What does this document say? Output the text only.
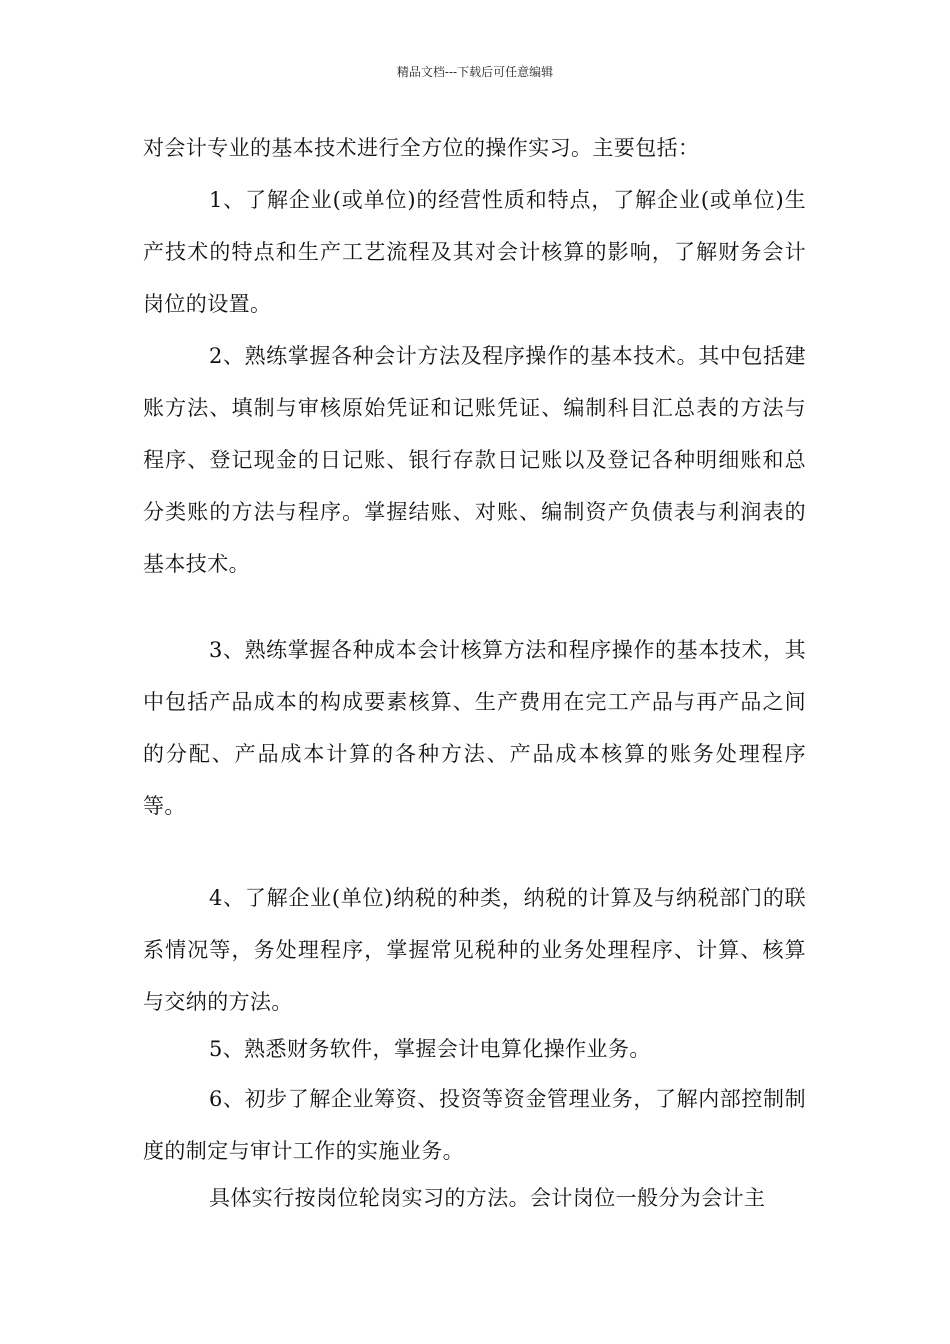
精品文档---下载后可任意编辑
对会计专业的基本技术进行全方位的操作实习。主要包括：
1、了解企业(或单位)的经营性质和特点，了解企业(或单位)生产技术的特点和生产工艺流程及其对会计核算的影响，了解财务会计岗位的设置。
2、熟练掌握各种会计方法及程序操作的基本技术。其中包括建账方法、填制与审核原始凭证和记账凭证、编制科目汇总表的方法与程序、登记现金的日记账、银行存款日记账以及登记各种明细账和总分类账的方法与程序。掌握结账、对账、编制资产负债表与利润表的基本技术。
3、熟练掌握各种成本会计核算方法和程序操作的基本技术，其中包括产品成本的构成要素核算、生产费用在完工产品与再产品之间的分配、产品成本计算的各种方法、产品成本核算的账务处理程序等。
4、了解企业(单位)纳税的种类，纳税的计算及与纳税部门的联系情况等，务处理程序，掌握常见税种的业务处理程序、计算、核算与交纳的方法。
5、熟悉财务软件，掌握会计电算化操作业务。
6、初步了解企业筹资、投资等资金管理业务，了解内部控制制度的制定与审计工作的实施业务。
具体实行按岗位轮岗实习的方法。会计岗位一般分为会计主
